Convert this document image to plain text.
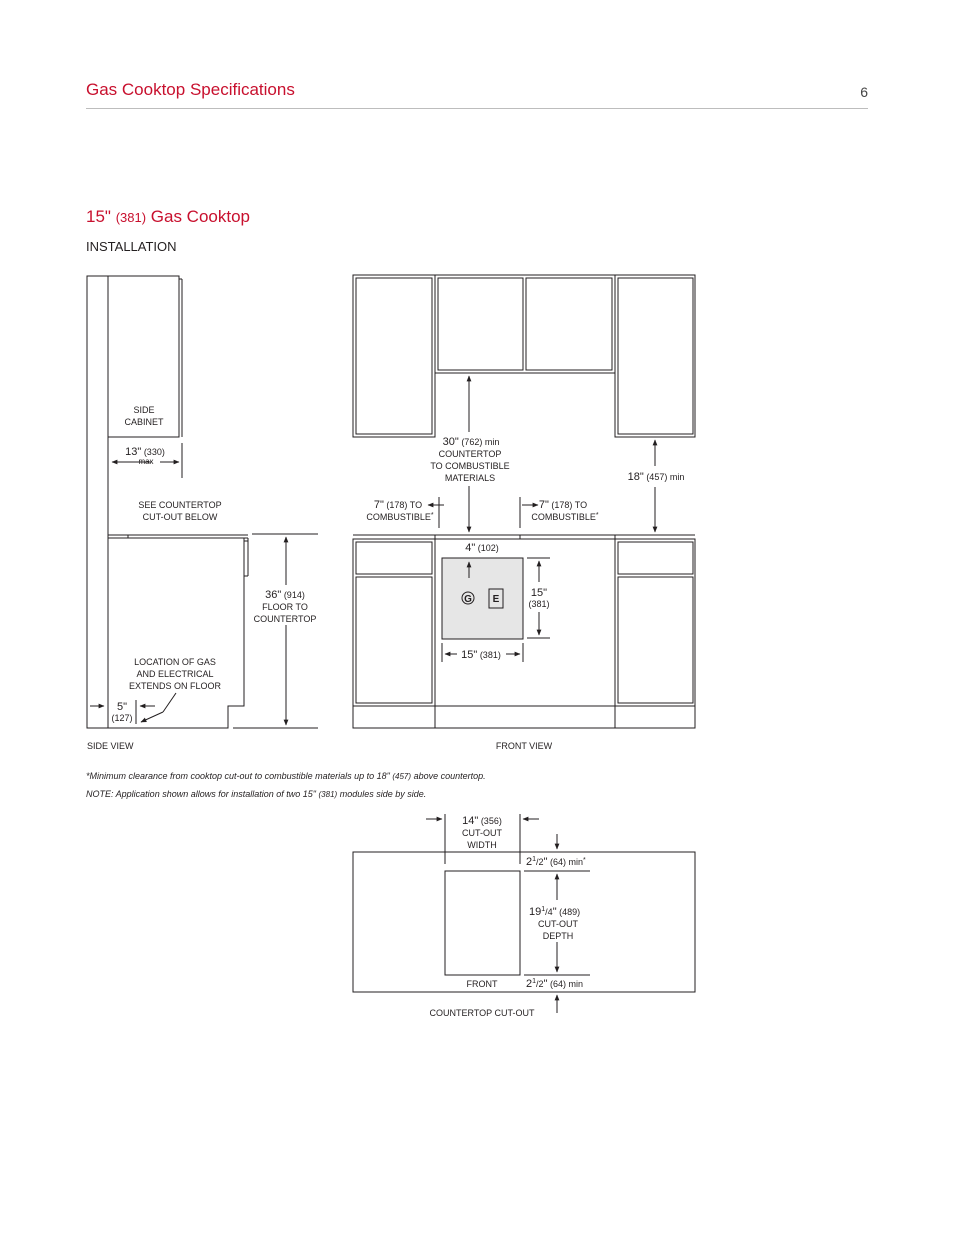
Gas Cooktop Specifications	6
15" (381) Gas Cooktop
INSTALLATION
SIDE
CABINET
13" (330)
max
SEE COUNTERTOP
CUT-OUT BELOW
36" (914)
FLOOR TO
COUNTERTOP
LOCATION OF GAS
AND ELECTRICAL
EXTENDS ON FLOOR
5"
(127)
SIDE VIEW
30" (762) min
COUNTERTOP
TO COMBUSTIBLE
MATERIALS	18" (457) min
7" (178) TO
COMBUSTIBLE*
7" (178) TO
COMBUSTIBLE*
4" (102)
15"
(381)
15" (381)
G E
FRONT VIEW
14" (356)
CUT-OUT
WIDTH
$2^1/2$" (64) min*
$19^1/4$" (489)
CUT-OUT
DEPTH
$2^1/2$" (64) min
FRONT
COUNTERTOP CUT-OUT
*Minimum clearance from cooktop cut-out to combustible materials up to 18" (457) above countertop.
NOTE: Application shown allows for installation of two 15" (381) modules side by side.
